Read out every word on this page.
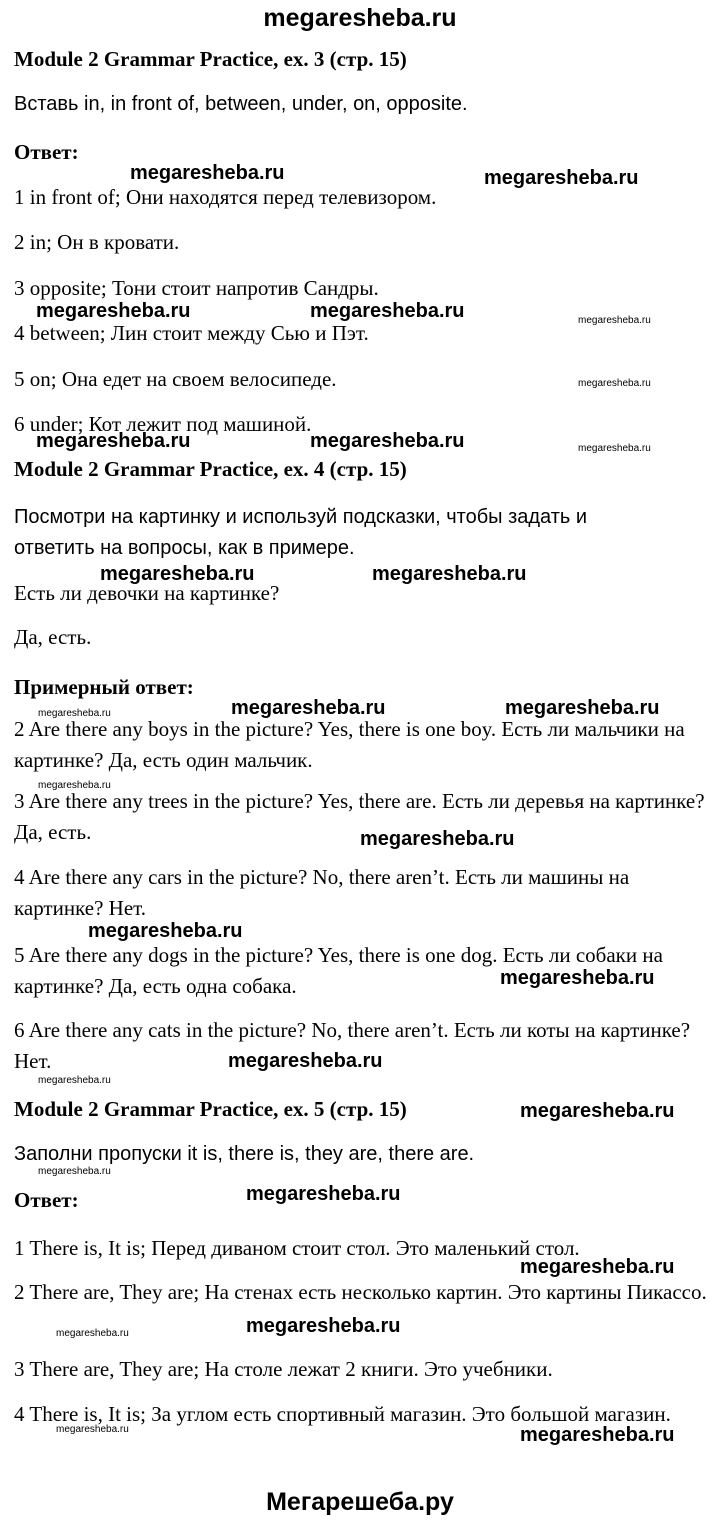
megaresheba.ru
Module 2 Grammar Practice, ex. 3 (стр. 15)
Вставь in, in front of, between, under, on, opposite.
Ответ:
1 in front of; Они находятся перед телевизором.
2 in; Он в кровати.
3 opposite; Тони стоит напротив Сандры.
4 between; Лин стоит между Сью и Пэт.
5 on; Она едет на своем велосипеде.
6 under; Кот лежит под машиной.
Module 2 Grammar Practice, ex. 4 (стр. 15)
Посмотри на картинку и используй подсказки, чтобы задать и ответить на вопросы, как в примере.
Есть ли девочки на картинке?
Да, есть.
Примерный ответ:
2 Are there any boys in the picture? Yes, there is one boy. Есть ли мальчики на картинке? Да, есть один мальчик.
3 Are there any trees in the picture? Yes, there are. Есть ли деревья на картинке? Да, есть.
4 Are there any cars in the picture? No, there aren’t. Есть ли машины на картинке? Нет.
5 Are there any dogs in the picture? Yes, there is one dog. Есть ли собаки на картинке? Да, есть одна собака.
6 Are there any cats in the picture? No, there aren’t. Есть ли коты на картинке? Нет.
Module 2 Grammar Practice, ex. 5 (стр. 15)
Заполни пропуски it is, there is, they are, there are.
Ответ:
1 There is, It is; Перед диваном стоит стол. Это маленький стол.
2 There are, They are; На стенах есть несколько картин. Это картины Пикассо.
3 There are, They are; На столе лежат 2 книги. Это учебники.
4 There is, It is; За углом есть спортивный магазин. Это большой магазин.
Мегарешеба.ру
megaresheba.ru	megaresheba.ru
megaresheba.ru	megaresheba.ru
megaresheba.ru	megaresheba.ru
megaresheba.ru	megaresheba.ru
megaresheba.ru	megaresheba.ru
megaresheba.ru
megaresheba.ru
megaresheba.ru
megaresheba.ru
megaresheba.ru
megaresheba.ru
megaresheba.ru
megaresheba.ru
megaresheba.ru
megaresheba.ru
megaresheba.ru
megaresheba.ru
megaresheba.ru
megaresheba.ru
megaresheba.ru
megaresheba.ru
megaresheba.ru
megaresheba.ru
